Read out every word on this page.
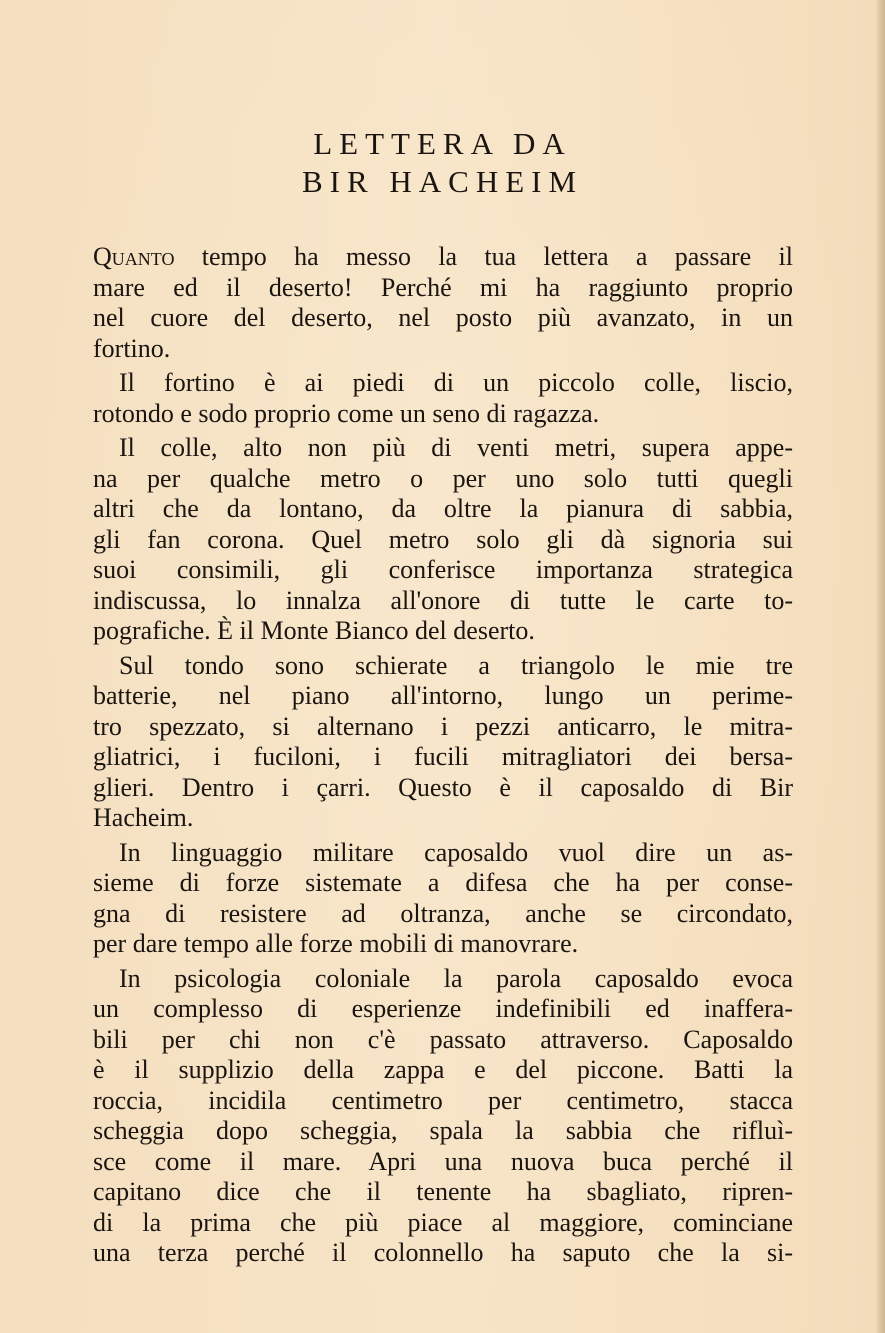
LETTERA DA
BIR HACHEIM
Quanto tempo ha messo la tua lettera a passare il
mare ed il deserto! Perché mi ha raggiunto proprio
nel cuore del deserto, nel posto più avanzato, in un
fortino.
Il fortino è ai piedi di un piccolo colle, liscio,
rotondo e sodo proprio come un seno di ragazza.
Il colle, alto non più di venti metri, supera appe-
na per qualche metro o per uno solo tutti quegli
altri che da lontano, da oltre la pianura di sabbia,
gli fan corona. Quel metro solo gli dà signoria sui
suoi consimili, gli conferisce importanza strategica
indiscussa, lo innalza all'onore di tutte le carte to-
pografiche. È il Monte Bianco del deserto.
Sul tondo sono schierate a triangolo le mie tre
batterie, nel piano all'intorno, lungo un perime-
tro spezzato, si alternano i pezzi anticarro, le mitra-
gliatrici, i fuciloni, i fucili mitragliatori dei bersa-
glieri. Dentro i çarri. Questo è il caposaldo di Bir
Hacheim.
In linguaggio militare caposaldo vuol dire un as-
sieme di forze sistemate a difesa che ha per conse-
gna di resistere ad oltranza, anche se circondato,
per dare tempo alle forze mobili di manovrare.
In psicologia coloniale la parola caposaldo evoca
un complesso di esperienze indefinibili ed inaffera-
bili per chi non c'è passato attraverso. Caposaldo
è il supplizio della zappa e del piccone. Batti la
roccia, incidila centimetro per centimetro, stacca
scheggia dopo scheggia, spala la sabbia che rifluì-
sce come il mare. Apri una nuova buca perché il
capitano dice che il tenente ha sbagliato, ripren-
di la prima che più piace al maggiore, cominciane
una terza perché il colonnello ha saputo che la si-
